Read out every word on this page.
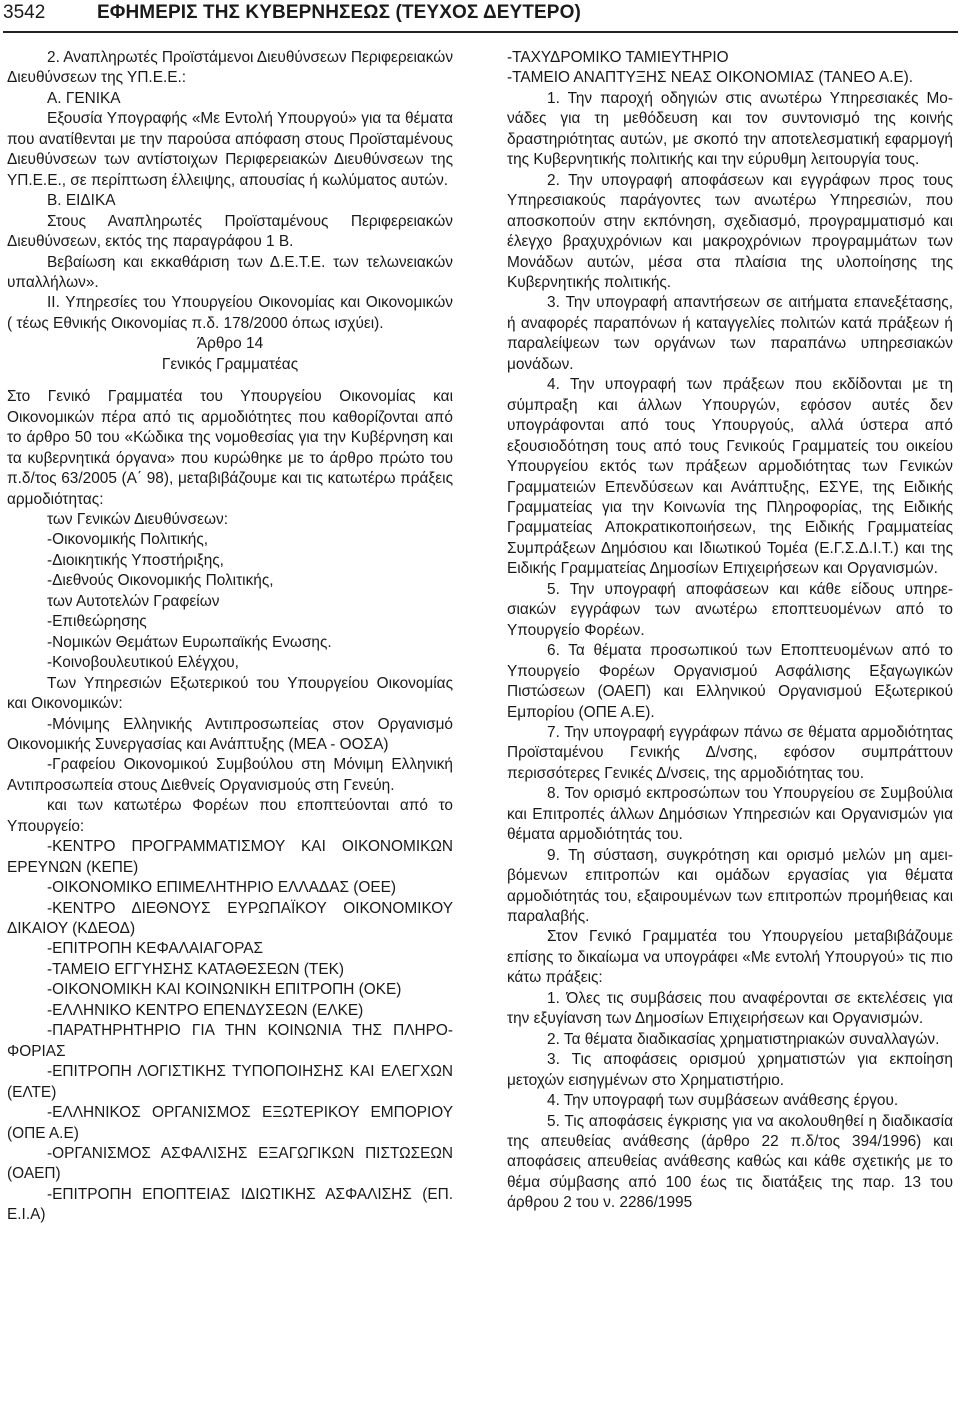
3542	ΕΦΗΜΕΡΙΣ ΤΗΣ ΚΥΒΕΡΝΗΣΕΩΣ (ΤΕΥΧΟΣ ΔΕΥΤΕΡΟ)

2. Αναπληρωτές Προϊστάμενοι Διευθύνσεων Περιφερειακών Διευθύνσεων της ΥΠ.Ε.Ε.:

Α. ΓΕΝΙΚΑ

Εξουσία Υπογραφής «Με Εντολή Υπουργού» για τα θέματα που ανατίθενται με την παρούσα απόφαση στους Προϊσταμένους Διευθύνσεων των αντίστοιχων Περιφερειακών Διευθύνσεων της ΥΠ.Ε.Ε., σε περίπτωση έλλειψης, απουσίας ή κωλύματος αυτών.

Β. ΕΙΔΙΚΑ

Στους Αναπληρωτές Προϊσταμένους Περιφερειακών Διευθύνσεων, εκτός της παραγράφου 1 Β.

Βεβαίωση και εκκαθάριση των Δ.Ε.Τ.Ε. των τελωνειακών υπαλλήλων».

ΙΙ. Υπηρεσίες του Υπουργείου Οικονομίας και Οικονομικών ( τέως Εθνικής Οικονομίας π.δ. 178/2000 όπως ισχύει).

Άρθρο 14

Γενικός Γραμματέας

Στο Γενικό Γραμματέα του Υπουργείου Οικονομίας και Οικονομικών πέρα από τις αρμοδιότητες που καθορίζονται από το άρθρο 50 του «Κώδικα της νομοθεσίας για την Κυβέρνηση και τα κυβερνητικά όργανα» που κυρώθηκε με το άρθρο πρώτο του π.δ/τος 63/2005 (Α΄ 98), μεταβιβάζουμε και τις κατωτέρω πράξεις αρμοδιότητας:

των Γενικών Διευθύνσεων:

-Οικονομικής Πολιτικής,

-Διοικητικής Υποστήριξης,

-Διεθνούς Οικονομικής Πολιτικής,

των Αυτοτελών Γραφείων

-Επιθεώρησης

-Νομικών Θεμάτων Ευρωπαϊκής Ενωσης.

-Κοινοβουλευτικού Ελέγχου,

Των Υπηρεσιών Εξωτερικού του Υπουργείου Οικονομίας και Οικονομικών:

-Μόνιμης Ελληνικής Αντιπροσωπείας στον Οργανισμό Οικονομικής Συνεργασίας και Ανάπτυξης (ΜΕΑ - ΟΟΣΑ)

-Γραφείου Οικονομικού Συμβούλου στη Μόνιμη Ελληνική Αντιπροσωπεία στους Διεθνείς Οργανισμούς στη Γενεύη.

και των κατωτέρω Φορέων που εποπτεύονται από το Υπουργείο:

-ΚΕΝΤΡΟ ΠΡΟΓΡΑΜΜΑΤΙΣΜΟΥ ΚΑΙ ΟΙΚΟΝΟΜΙΚΩΝ ΕΡΕΥΝΩΝ (ΚΕΠΕ)

-ΟΙΚΟΝΟΜΙΚΟ ΕΠΙΜΕΛΗΤΗΡΙΟ ΕΛΛΑΔΑΣ (ΟΕΕ)

-ΚΕΝΤΡΟ ΔΙΕΘΝΟΥΣ ΕΥΡΩΠΑΪΚΟΥ ΟΙΚΟΝΟΜΙΚΟΥ ΔΙΚΑΙΟΥ (ΚΔΕΟΔ)

-ΕΠΙΤΡΟΠΗ ΚΕΦΑΛΑΙΑΓΟΡΑΣ

-ΤΑΜΕΙΟ ΕΓΓΥΗΣΗΣ ΚΑΤΑΘΕΣΕΩΝ (ΤΕΚ)

-ΟΙΚΟΝΟΜΙΚΗ ΚΑΙ ΚΟΙΝΩΝΙΚΗ ΕΠΙΤΡΟΠΗ (ΟΚΕ)

-ΕΛΛΗΝΙΚΟ ΚΕΝΤΡΟ ΕΠΕΝΔΥΣΕΩΝ (ΕΛΚΕ)

-ΠΑΡΑΤΗΡΗΤΗΡΙΟ ΓΙΑ ΤΗΝ ΚΟΙΝΩΝΙΑ ΤΗΣ ΠΛΗΡΟΦΟΡΙΑΣ

-ΕΠΙΤΡΟΠΗ ΛΟΓΙΣΤΙΚΗΣ ΤΥΠΟΠΟΙΗΣΗΣ ΚΑΙ ΕΛΕΓΧΩΝ (ΕΛΤΕ)

-ΕΛΛΗΝΙΚΟΣ ΟΡΓΑΝΙΣΜΟΣ ΕΞΩΤΕΡΙΚΟΥ ΕΜΠΟΡΙΟΥ (ΟΠΕ Α.Ε)

-ΟΡΓΑΝΙΣΜΟΣ ΑΣΦΑΛΙΣΗΣ ΕΞΑΓΩΓΙΚΩΝ ΠΙΣΤΩΣΕΩΝ (ΟΑΕΠ)

-ΕΠΙΤΡΟΠΗ ΕΠΟΠΤΕΙΑΣ ΙΔΙΩΤΙΚΗΣ ΑΣΦΑΛΙΣΗΣ (ΕΠ. Ε.Ι.Α)

-ΤΑΧΥΔΡΟΜΙΚΟ ΤΑΜΙΕΥΤΗΡΙΟ

-ΤΑΜΕΙΟ ΑΝΑΠΤΥΞΗΣ ΝΕΑΣ ΟΙΚΟΝΟΜΙΑΣ (ΤΑΝΕΟ Α.Ε).

1. Την παροχή οδηγιών στις ανωτέρω Υπηρεσιακές Μονάδες για τη μεθόδευση και τον συντονισμό της κοινής δραστηριότητας αυτών, με σκοπό την αποτελεσματική εφαρμογή της Κυβερνητικής πολιτικής και την εύρυθμη λειτουργία τους.

2. Την υπογραφή αποφάσεων και εγγράφων προς τους Υπηρεσιακούς παράγοντες των ανωτέρω Υπηρεσιών, που αποσκοπούν στην εκπόνηση, σχεδιασμό, προγραμματισμό και έλεγχο βραχυχρόνιων και μακροχρόνιων προγραμμάτων των Μονάδων αυτών, μέσα στα πλαίσια της υλοποίησης της Κυβερνητικής πολιτικής.

3. Την υπογραφή απαντήσεων σε αιτήματα επανεξέτασης, ή αναφορές παραπόνων ή καταγγελίες πολιτών κατά πράξεων ή παραλείψεων των οργάνων των παραπάνω υπηρεσιακών μονάδων.

4. Την υπογραφή των πράξεων που εκδίδονται με τη σύμπραξη και άλλων Υπουργών, εφόσον αυτές δεν υπογράφονται από τους Υπουργούς, αλλά ύστερα από εξουσιοδότηση τους από τους Γενικούς Γραμματείς του οικείου Υπουργείου εκτός των πράξεων αρμοδιότητας των Γενικών Γραμματειών Επενδύσεων και Ανάπτυξης, ΕΣΥΕ, της Ειδικής Γραμματείας για την Κοινωνία της Πληροφορίας, της Ειδικής Γραμματείας Αποκρατικοποιήσεων, της Ειδικής Γραμματείας Συμπράξεων Δημόσιου και Ιδιωτικού Τομέα (Ε.Γ.Σ.Δ.Ι.Τ.) και της Ειδικής Γραμματείας Δημοσίων Επιχειρήσεων και Οργανισμών.

5. Την υπογραφή αποφάσεων και κάθε είδους υπηρεσιακών εγγράφων των ανωτέρω εποπτευομένων από το Υπουργείο Φορέων.

6. Τα θέματα προσωπικού των Εποπτευομένων από το Υπουργείο Φορέων Οργανισμού Ασφάλισης Εξαγωγικών Πιστώσεων (ΟΑΕΠ) και Ελληνικού Οργανισμού Εξωτερικού Εμπορίου (ΟΠΕ Α.Ε).

7. Την υπογραφή εγγράφων πάνω σε θέματα αρμοδιότητας Προϊσταμένου Γενικής Δ/νσης, εφόσον συμπράττουν περισσότερες Γενικές Δ/νσεις, της αρμοδιότητας του.

8. Τον ορισμό εκπροσώπων του Υπουργείου σε Συμβούλια και Επιτροπές άλλων Δημόσιων Υπηρεσιών και Οργανισμών για θέματα αρμοδιότητάς του.

9. Τη σύσταση, συγκρότηση και ορισμό μελών μη αμειβόμενων επιτροπών και ομάδων εργασίας για θέματα αρμοδιότητάς του, εξαιρουμένων των επιτροπών προμήθειας και παραλαβής.

Στον Γενικό Γραμματέα του Υπουργείου μεταβιβάζουμε επίσης το δικαίωμα να υπογράφει «Με εντολή Υπουργού» τις πιο κάτω πράξεις:

1. Όλες τις συμβάσεις που αναφέρονται σε εκτελέσεις για την εξυγίανση των Δημοσίων Επιχειρήσεων και Οργανισμών.

2. Τα θέματα διαδικασίας χρηματιστηριακών συναλλαγών.

3. Τις αποφάσεις ορισμού χρηματιστών για εκποίηση μετοχών εισηγμένων στο Χρηματιστήριο.

4. Την υπογραφή των συμβάσεων ανάθεσης έργου.

5. Τις αποφάσεις έγκρισης για να ακολουθηθεί η διαδικασία της απευθείας ανάθεσης (άρθρο 22 π.δ/τος 394/1996) και αποφάσεις απευθείας ανάθεσης καθώς και κάθε σχετικής με το θέμα σύμβασης από 100 έως τις διατάξεις της παρ. 13 του άρθρου 2 του ν. 2286/1995
